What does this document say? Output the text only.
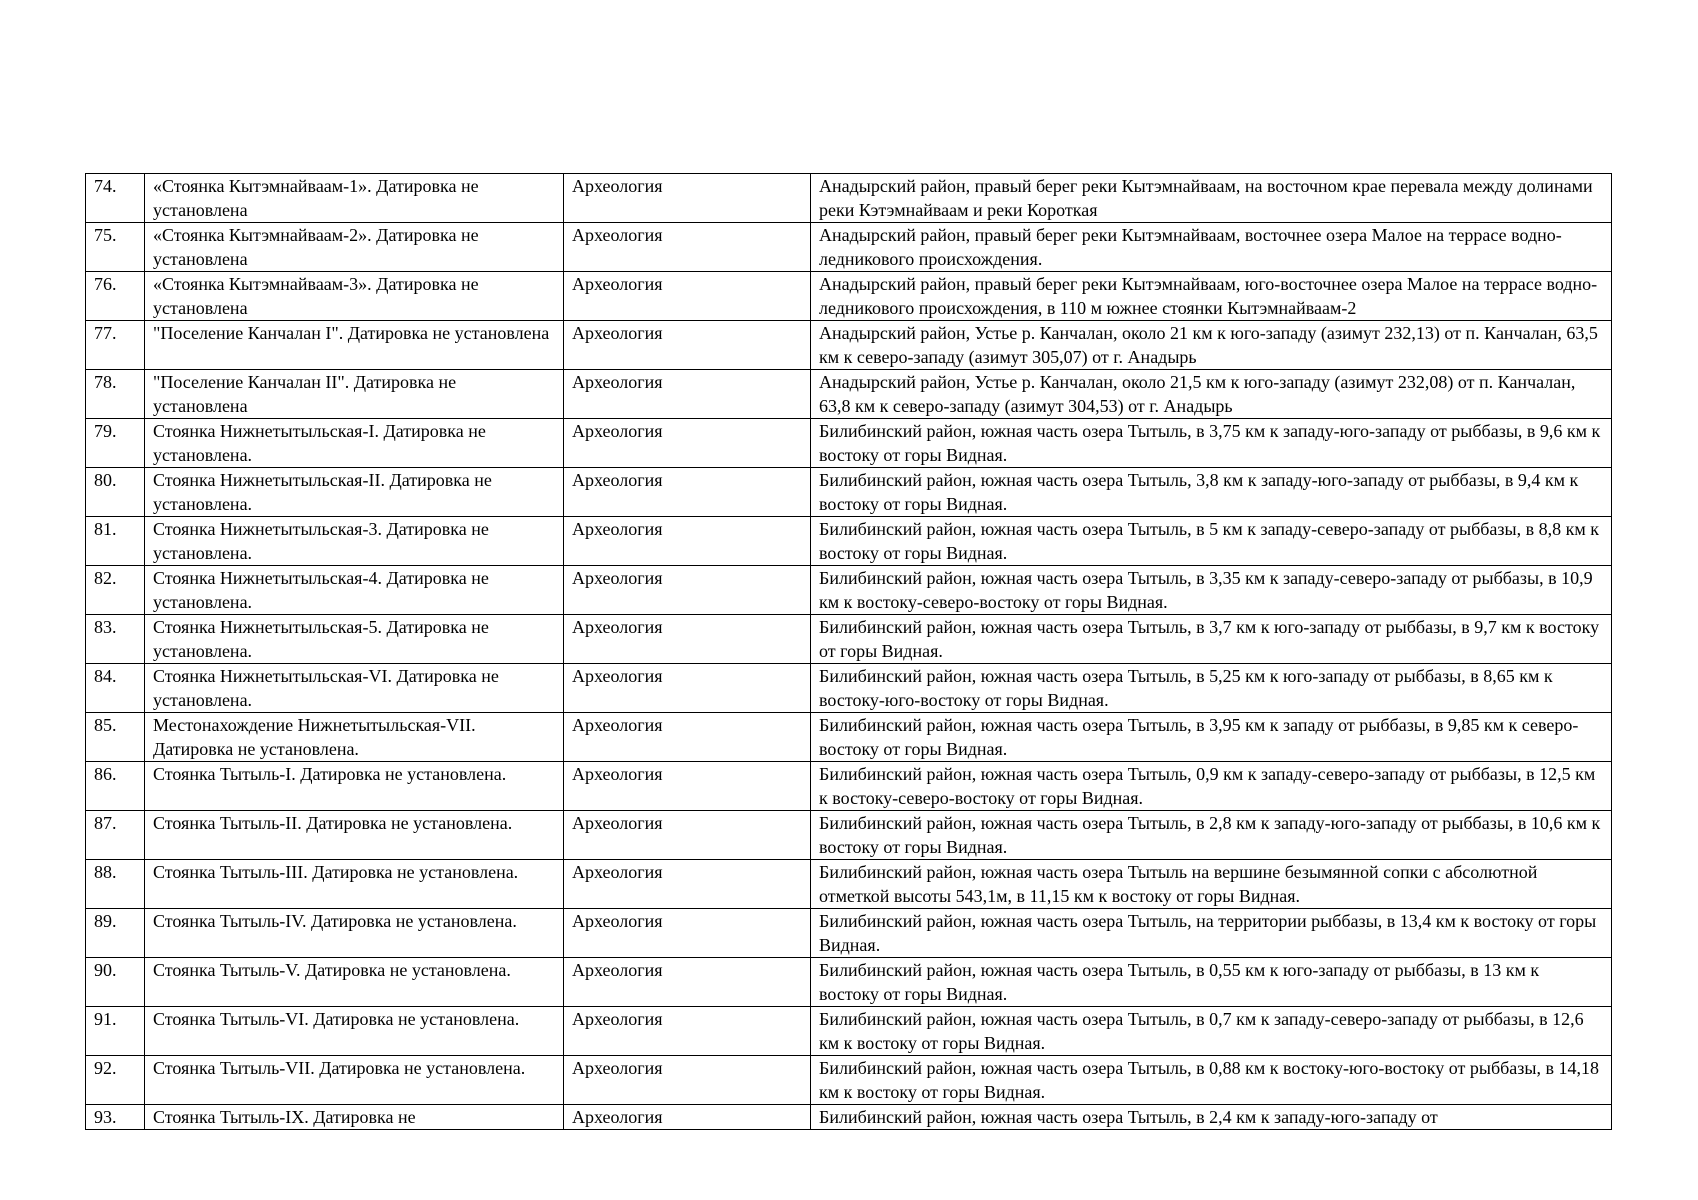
74.	«Стоянка Кытэмнайваам-1». Датировка не установлена	Археология	Анадырский район, правый берег реки Кытэмнайваам, на восточном крае перевала между долинами реки Кэтэмнайваам и реки Короткая
75.	«Стоянка Кытэмнайваам-2». Датировка не установлена	Археология	Анадырский район, правый берег реки Кытэмнайваам, восточнее озера Малое на террасе водно-ледникового происхождения.
76.	«Стоянка Кытэмнайваам-3». Датировка не установлена	Археология	Анадырский район, правый берег реки Кытэмнайваам, юго-восточнее озера Малое на террасе водно-ледникового происхождения, в 110 м южнее стоянки Кытэмнайваам-2
77.	"Поселение Канчалан I". Датировка не установлена	Археология	Анадырский район, Устье р. Канчалан, около 21 км к юго-западу (азимут 232,13) от п. Канчалан, 63,5 км к северо-западу (азимут 305,07) от г. Анадырь
78.	"Поселение Канчалан II". Датировка не установлена	Археология	Анадырский район, Устье р. Канчалан, около 21,5 км к юго-западу (азимут 232,08) от п. Канчалан, 63,8 км к северо-западу (азимут 304,53) от г. Анадырь
79.	Стоянка Нижнетытыльская-I. Датировка не установлена.	Археология	Билибинский район, южная часть озера Тытыль, в 3,75 км к западу-юго-западу от рыббазы, в 9,6 км к востоку от горы Видная.
80.	Стоянка Нижнетытыльская-II. Датировка не установлена.	Археология	Билибинский район, южная часть озера Тытыль, 3,8 км к западу-юго-западу от рыббазы, в 9,4 км к востоку от горы Видная.
81.	Стоянка Нижнетытыльская-3. Датировка не установлена.	Археология	Билибинский район, южная часть озера Тытыль, в 5 км к западу-северо-западу от рыббазы, в 8,8 км к востоку от горы Видная.
82.	Стоянка Нижнетытыльская-4. Датировка не установлена.	Археология	Билибинский район, южная часть озера Тытыль, в 3,35 км к западу-северо-западу от рыббазы, в 10,9 км к востоку-северо-востоку от горы Видная.
83.	Стоянка Нижнетытыльская-5. Датировка не установлена.	Археология	Билибинский район, южная часть озера Тытыль, в 3,7 км к юго-западу от рыббазы, в 9,7 км к востоку от горы Видная.
84.	Стоянка Нижнетытыльская-VI. Датировка не установлена.	Археология	Билибинский район, южная часть озера Тытыль, в 5,25 км к юго-западу от рыббазы, в 8,65 км к востоку-юго-востоку от горы Видная.
85.	Местонахождение Нижнетытыльская-VII. Датировка не установлена.	Археология	Билибинский район, южная часть озера Тытыль, в 3,95 км к западу от рыббазы, в 9,85 км к северо-востоку от горы Видная.
86.	Стоянка Тытыль-I. Датировка не установлена.	Археология	Билибинский район, южная часть озера Тытыль, 0,9 км к западу-северо-западу от рыббазы, в 12,5 км к востоку-северо-востоку от горы Видная.
87.	Стоянка Тытыль-II. Датировка не установлена.	Археология	Билибинский район, южная часть озера Тытыль, в 2,8 км к западу-юго-западу от рыббазы, в 10,6 км к востоку от горы Видная.
88.	Стоянка Тытыль-III. Датировка не установлена.	Археология	Билибинский район, южная часть озера Тытыль на вершине безымянной сопки с абсолютной отметкой высоты 543,1м, в 11,15 км к востоку от горы Видная.
89.	Стоянка Тытыль-IV. Датировка не установлена.	Археология	Билибинский район, южная часть озера Тытыль, на территории рыббазы, в 13,4 км к востоку от горы Видная.
90.	Стоянка Тытыль-V. Датировка не установлена.	Археология	Билибинский район, южная часть озера Тытыль, в 0,55 км к юго-западу от рыббазы, в 13 км к востоку от горы Видная.
91.	Стоянка Тытыль-VI. Датировка не установлена.	Археология	Билибинский район, южная часть озера Тытыль, в 0,7 км к западу-северо-западу от рыббазы, в 12,6 км к востоку от горы Видная.
92.	Стоянка Тытыль-VII. Датировка не установлена.	Археология	Билибинский район, южная часть озера Тытыль, в 0,88 км к востоку-юго-востоку от рыббазы, в 14,18 км к востоку от горы Видная.
93.	Стоянка Тытыль-IX. Датировка не	Археология	Билибинский район, южная часть озера Тытыль, в 2,4 км к западу-юго-западу от
